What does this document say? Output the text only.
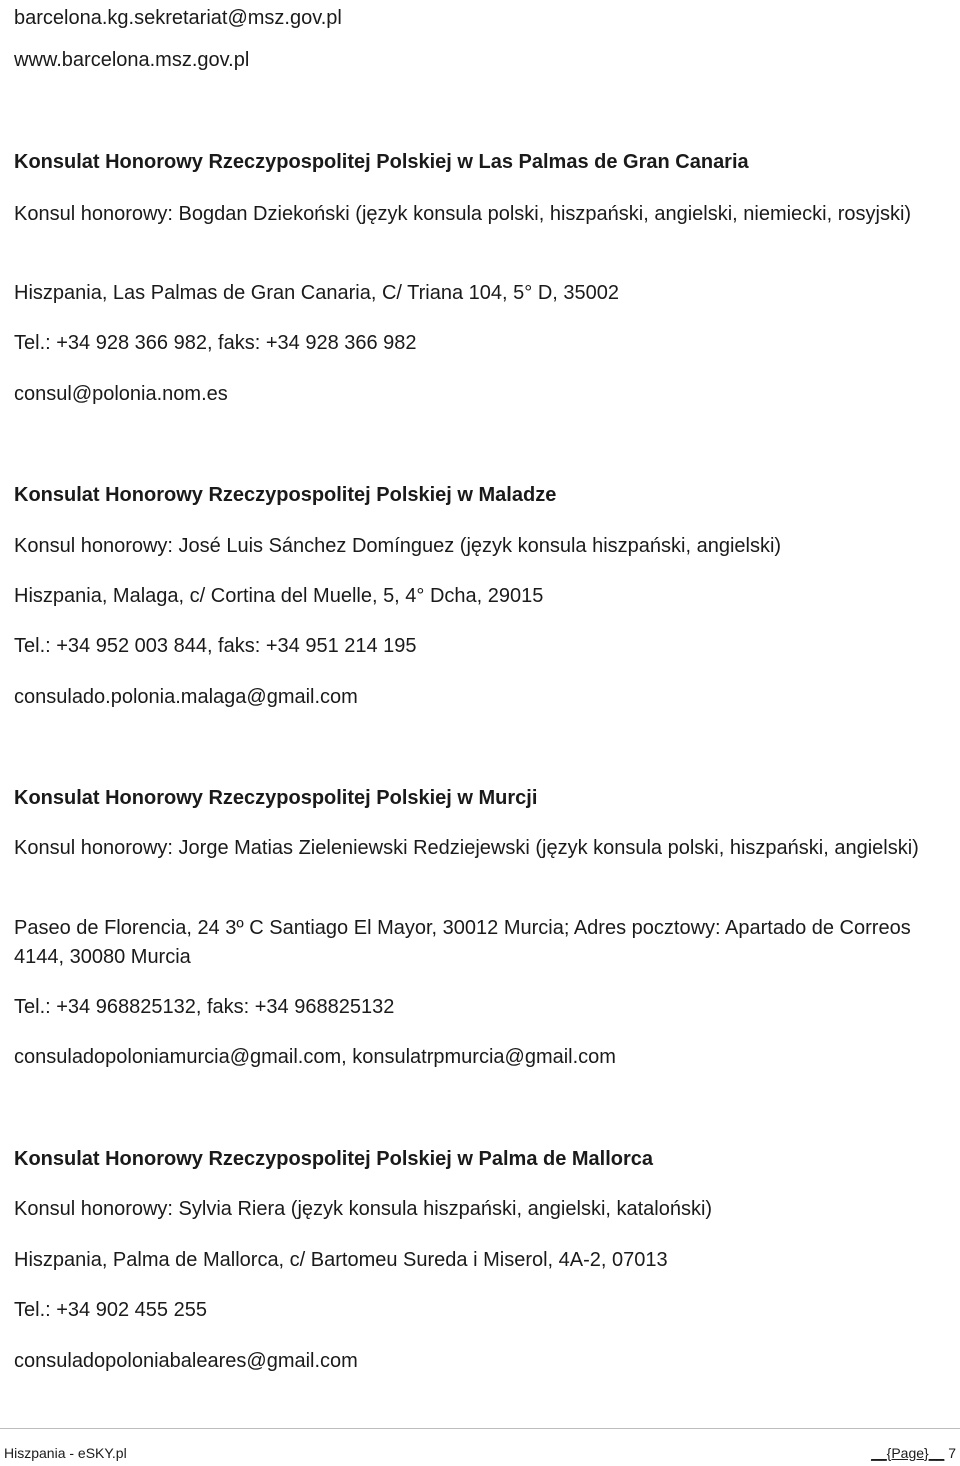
barcelona.kg.sekretariat@msz.gov.pl

www.barcelona.msz.gov.pl

Konsulat Honorowy Rzeczypospolitej Polskiej w Las Palmas de Gran Canaria

Konsul honorowy: Bogdan Dziekoński (język konsula polski, hiszpański, angielski, niemiecki, rosyjski)

Hiszpania, Las Palmas de Gran Canaria, C/ Triana 104, 5° D, 35002

Tel.: +34 928 366 982, faks: +34 928 366 982

consul@polonia.nom.es

Konsulat Honorowy Rzeczypospolitej Polskiej w Maladze

Konsul honorowy: José Luis Sánchez Domínguez (język konsula hiszpański, angielski)

Hiszpania, Malaga, c/ Cortina del Muelle, 5, 4° Dcha, 29015

Tel.: +34 952 003 844, faks: +34 951 214 195

consulado.polonia.malaga@gmail.com

Konsulat Honorowy Rzeczypospolitej Polskiej w Murcji

Konsul honorowy: Jorge Matias Zieleniewski Redziejewski (język konsula polski, hiszpański, angielski)

Paseo de Florencia, 24 3º C Santiago El Mayor, 30012 Murcia; Adres pocztowy: Apartado de Correos 4144, 30080 Murcia

Tel.: +34 968825132, faks: +34 968825132

consuladopoloniamurcia@gmail.com, konsulatrpmurcia@gmail.com

Konsulat Honorowy Rzeczypospolitej Polskiej w Palma de Mallorca

Konsul honorowy: Sylvia Riera (język konsula hiszpański, angielski, kataloński)

Hiszpania, Palma de Mallorca, c/ Bartomeu Sureda i Miserol, 4A-2, 07013

Tel.: +34 902 455 255

consuladopoloniabaleares@gmail.com

Hiszpania - eSKY.pl	__{Page}__ 7
